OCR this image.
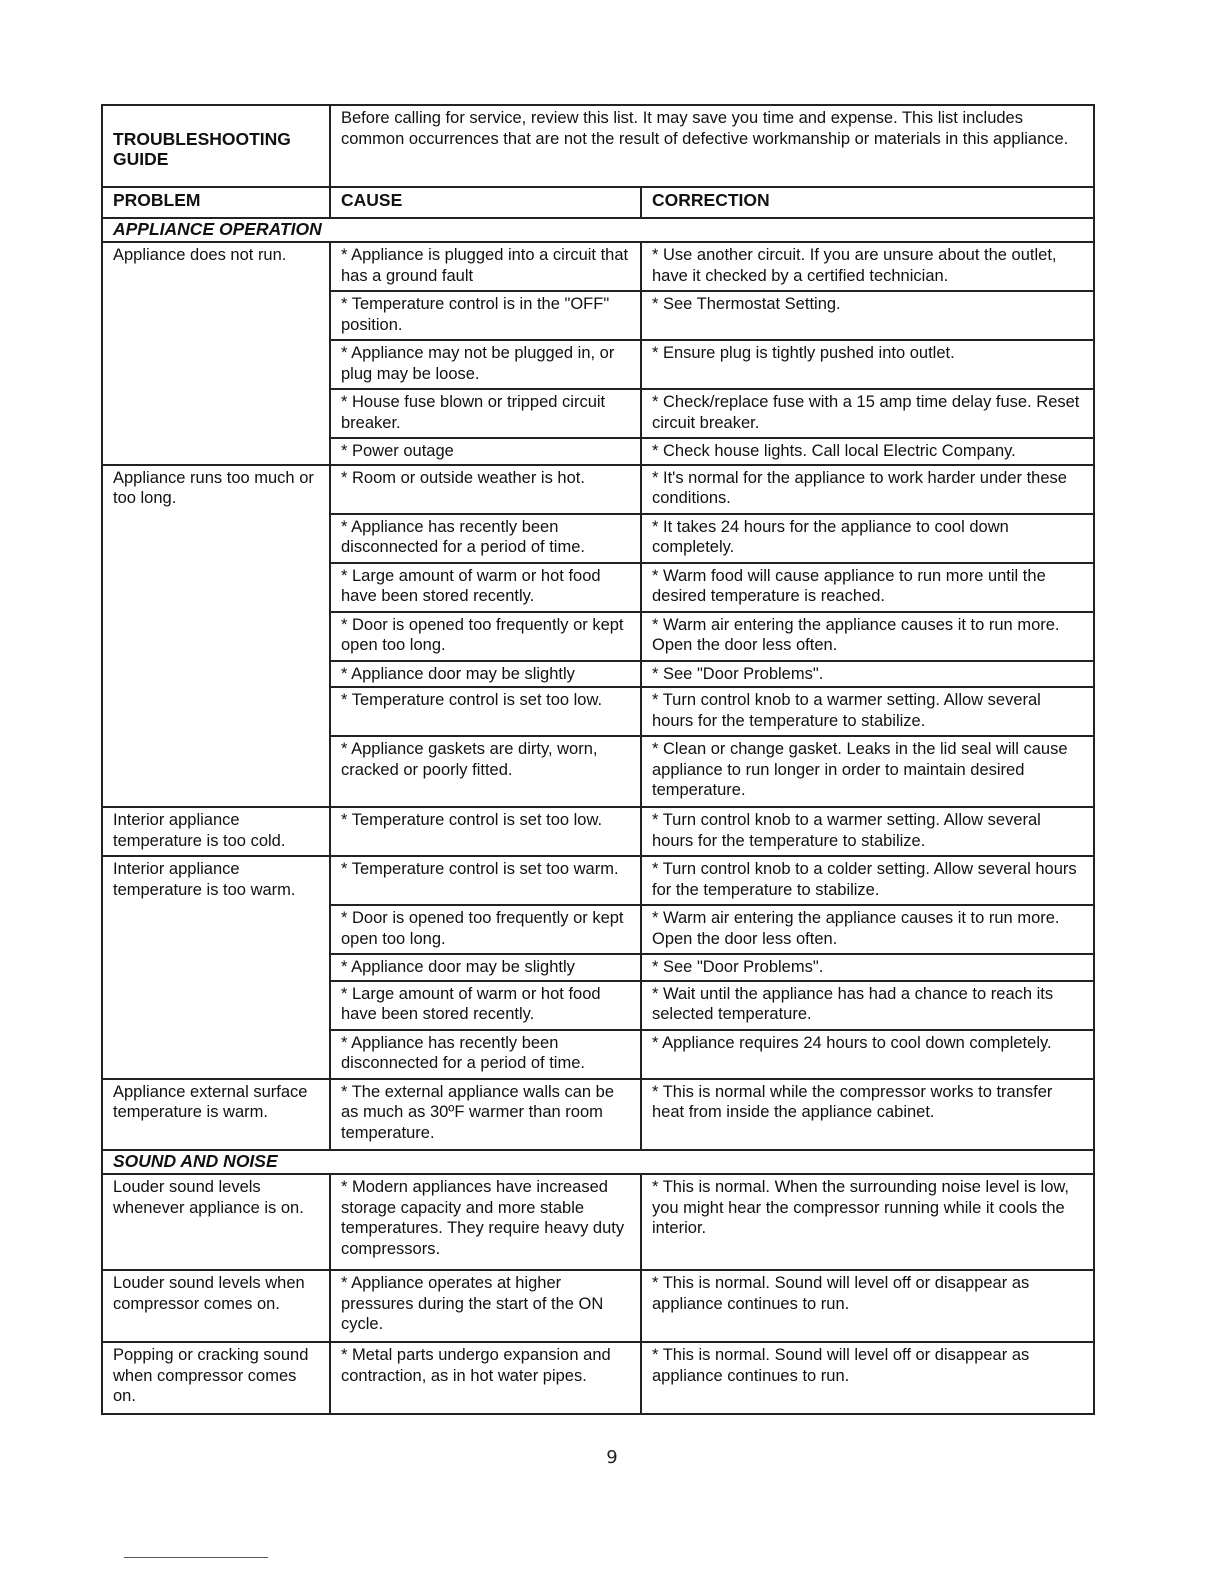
TROUBLESHOOTING
GUIDE	Before calling for service, review this list. It may save you time and expense. This list includes common occurrences that are not the result of defective workmanship or materials in this appliance.	
PROBLEM	CAUSE	CORRECTION
APPLIANCE OPERATION		
Appliance does not run.	* Appliance is plugged into a circuit that has a ground fault	* Use another circuit. If you are unsure about the outlet, have it checked by a certified technician.
	* Temperature control is in the "OFF" position.	* See Thermostat Setting.
	* Appliance may not be plugged in, or plug may be loose.	* Ensure plug is tightly pushed into outlet.
	* House fuse blown or tripped circuit breaker.	* Check/replace fuse with a 15 amp time delay fuse. Reset circuit breaker.
	* Power outage	* Check house lights. Call local Electric Company.
Appliance runs too much or too long.	* Room or outside weather is hot.	* It's normal for the appliance to work harder under these conditions.
	* Appliance has recently been disconnected for a period of time.	* It takes 24 hours for the appliance to cool down completely.
	* Large amount of warm or hot food have been stored recently.	* Warm food will cause appliance to run more until the desired temperature is reached.
	* Door is opened too frequently or kept open too long.	* Warm air entering the appliance causes it to run more. Open the door less often.
	* Appliance door may be slightly	* See "Door Problems".
	* Temperature control is set too low.	* Turn control knob to a warmer setting. Allow several hours for the temperature to stabilize.
	* Appliance gaskets are dirty, worn, cracked or poorly fitted.	* Clean or change gasket. Leaks in the lid seal will cause appliance to run longer in order to maintain desired temperature.
Interior appliance temperature is too cold.	* Temperature control is set too low.	* Turn control knob to a warmer setting. Allow several hours for the temperature to stabilize.
Interior appliance temperature is too warm.	* Temperature control is set too warm.	* Turn control knob to a colder setting. Allow several hours for the temperature to stabilize.
	* Door is opened too frequently or kept open too long.	* Warm air entering the appliance causes it to run more. Open the door less often.
	* Appliance door may be slightly	* See "Door Problems".
	* Large amount of warm or hot food have been stored recently.	* Wait until the appliance has had a chance to reach its selected temperature.
	* Appliance has recently been disconnected for a period of time.	* Appliance requires 24 hours to cool down completely.
Appliance external surface temperature is warm.	* The external appliance walls can be as much as 30ºF warmer than room temperature.	* This is normal while the compressor works to transfer heat from inside the appliance cabinet.
SOUND AND NOISE		
Louder sound levels whenever appliance is on.	* Modern appliances have increased storage capacity and more stable temperatures. They require heavy duty compressors.	* This is normal. When the surrounding noise level is low, you might hear the compressor running while it cools the interior.
Louder sound levels when compressor comes on.	* Appliance operates at higher pressures during the start of the ON cycle.	* This is normal. Sound will level off or disappear as appliance continues to run.
Popping or cracking sound when compressor comes on.	* Metal parts undergo expansion and contraction, as in hot water pipes.	* This is normal. Sound will level off or disappear as appliance continues to run.
9
